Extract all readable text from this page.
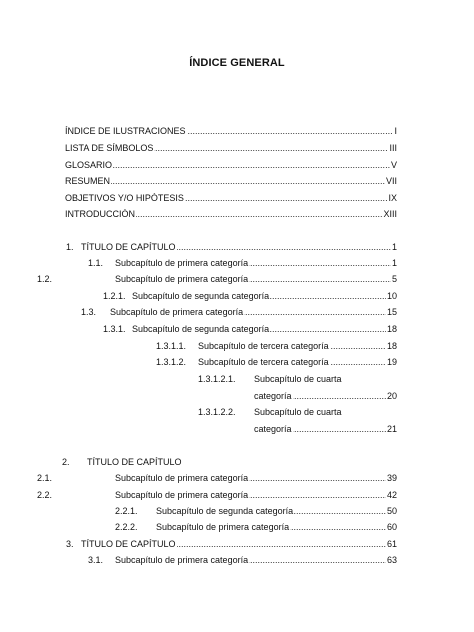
ÍNDICE GENERAL
.....
ÍNDICE DE ILUSTRACIONES	I
.....
LISTA DE SÍMBOLOS	III
.....
GLOSARIO	V
.....
RESUMEN	VII
.....
OBJETIVOS Y/O HIPÓTESIS	IX
.....
INTRODUCCIÓN	XIII
1. ..... TÍTULO DE CAPÍTULO	1
1.1. ..... Subcapítulo de primera categoría	1
1.2. .....	Subcapítulo de primera categoría	5
1.2.1. ..... Subcapítulo de segunda categoría	10
1.3. ..... Subcapítulo de primera categoría	15
1.3.1. ..... Subcapítulo de segunda categoría	18
1.3.1.1. ..... Subcapítulo de tercera categoría	18
1.3.1.2. ..... Subcapítulo de tercera categoría	19
1.3.1.2.1. Subcapítulo de cuarta
.....
categoría	20
1.3.1.2.2. Subcapítulo de cuarta
.....
categoría	21
2. TÍTULO DE CAPÍTULO
2.1. .....	Subcapítulo de primera categoría	39
2.2. .....	Subcapítulo de primera categoría	42
2.2.1. ..... Subcapítulo de segunda categoría	50
2.2.2. ..... Subcapítulo de primera categoría	60
3. ..... TÍTULO DE CAPÍTULO	61
3.1. ..... Subcapítulo de primera categoría	63
